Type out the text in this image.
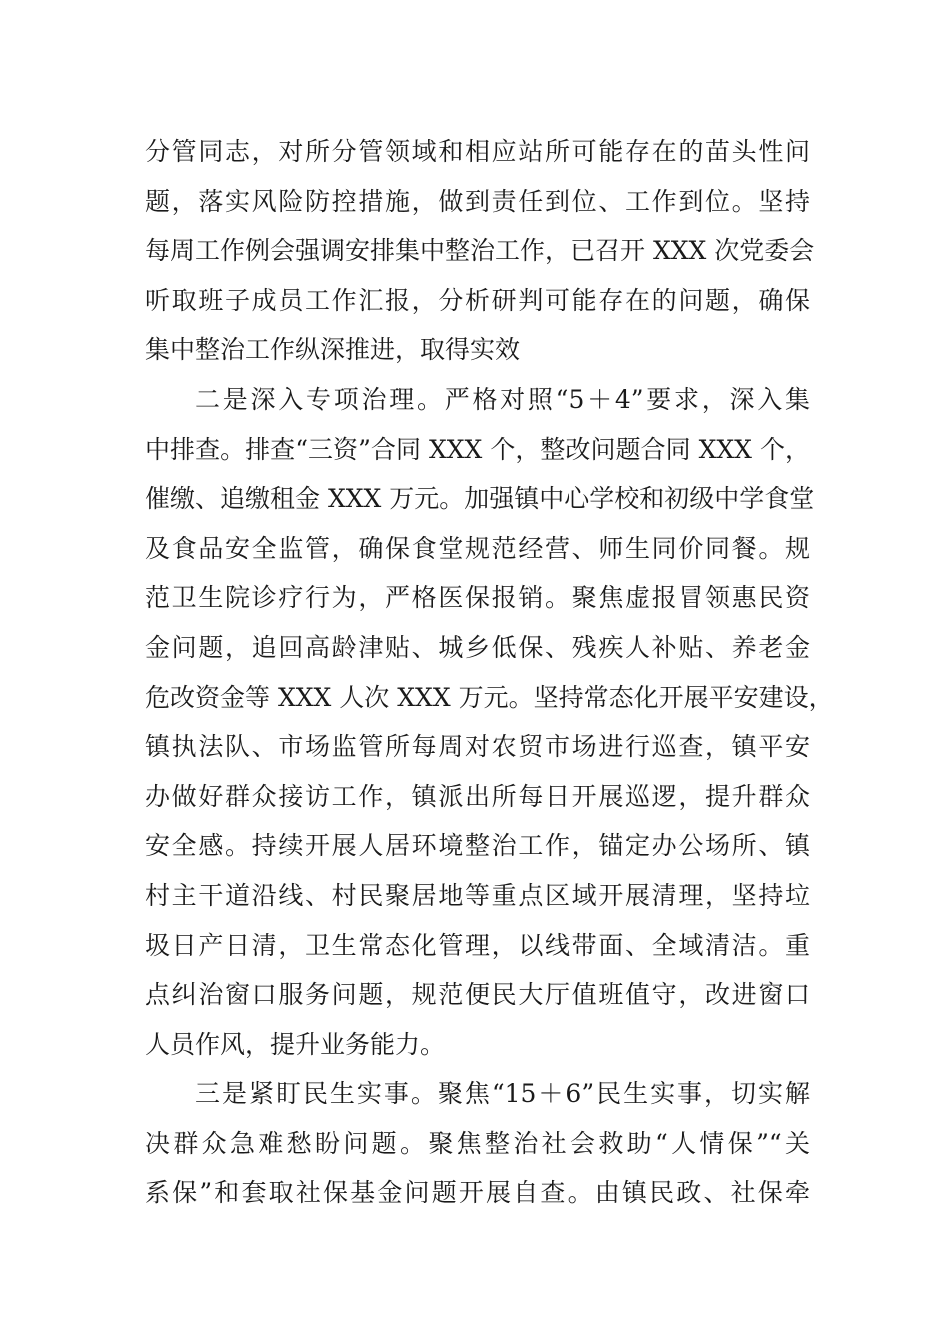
分管同志，对所分管领域和相应站所可能存在的苗头性问
题，落实风险防控措施，做到责任到位、工作到位。坚持
每周工作例会强调安排集中整治工作，已召开 XXX 次党委会
听取班子成员工作汇报，分析研判可能存在的问题，确保
集中整治工作纵深推进，取得实效
二是深入专项治理。严格对照“5＋4”要求，深入集
中排查。排查“三资”合同 XXX 个，整改问题合同 XXX 个，
催缴、追缴租金 XXX 万元。加强镇中心学校和初级中学食堂
及食品安全监管，确保食堂规范经营、师生同价同餐。规
范卫生院诊疗行为，严格医保报销。聚焦虚报冒领惠民资
金问题，追回高龄津贴、城乡低保、残疾人补贴、养老金
危改资金等 XXX 人次 XXX 万元。坚持常态化开展平安建设，
镇执法队、市场监管所每周对农贸市场进行巡查，镇平安
办做好群众接访工作，镇派出所每日开展巡逻，提升群众
安全感。持续开展人居环境整治工作，锚定办公场所、镇
村主干道沿线、村民聚居地等重点区域开展清理，坚持垃
圾日产日清，卫生常态化管理，以线带面、全域清洁。重
点纠治窗口服务问题，规范便民大厅值班值守，改进窗口
人员作风，提升业务能力。
三是紧盯民生实事。聚焦“15＋6”民生实事，切实解
决群众急难愁盼问题。聚焦整治社会救助“人情保”“关
系保”和套取社保基金问题开展自查。由镇民政、社保牵
